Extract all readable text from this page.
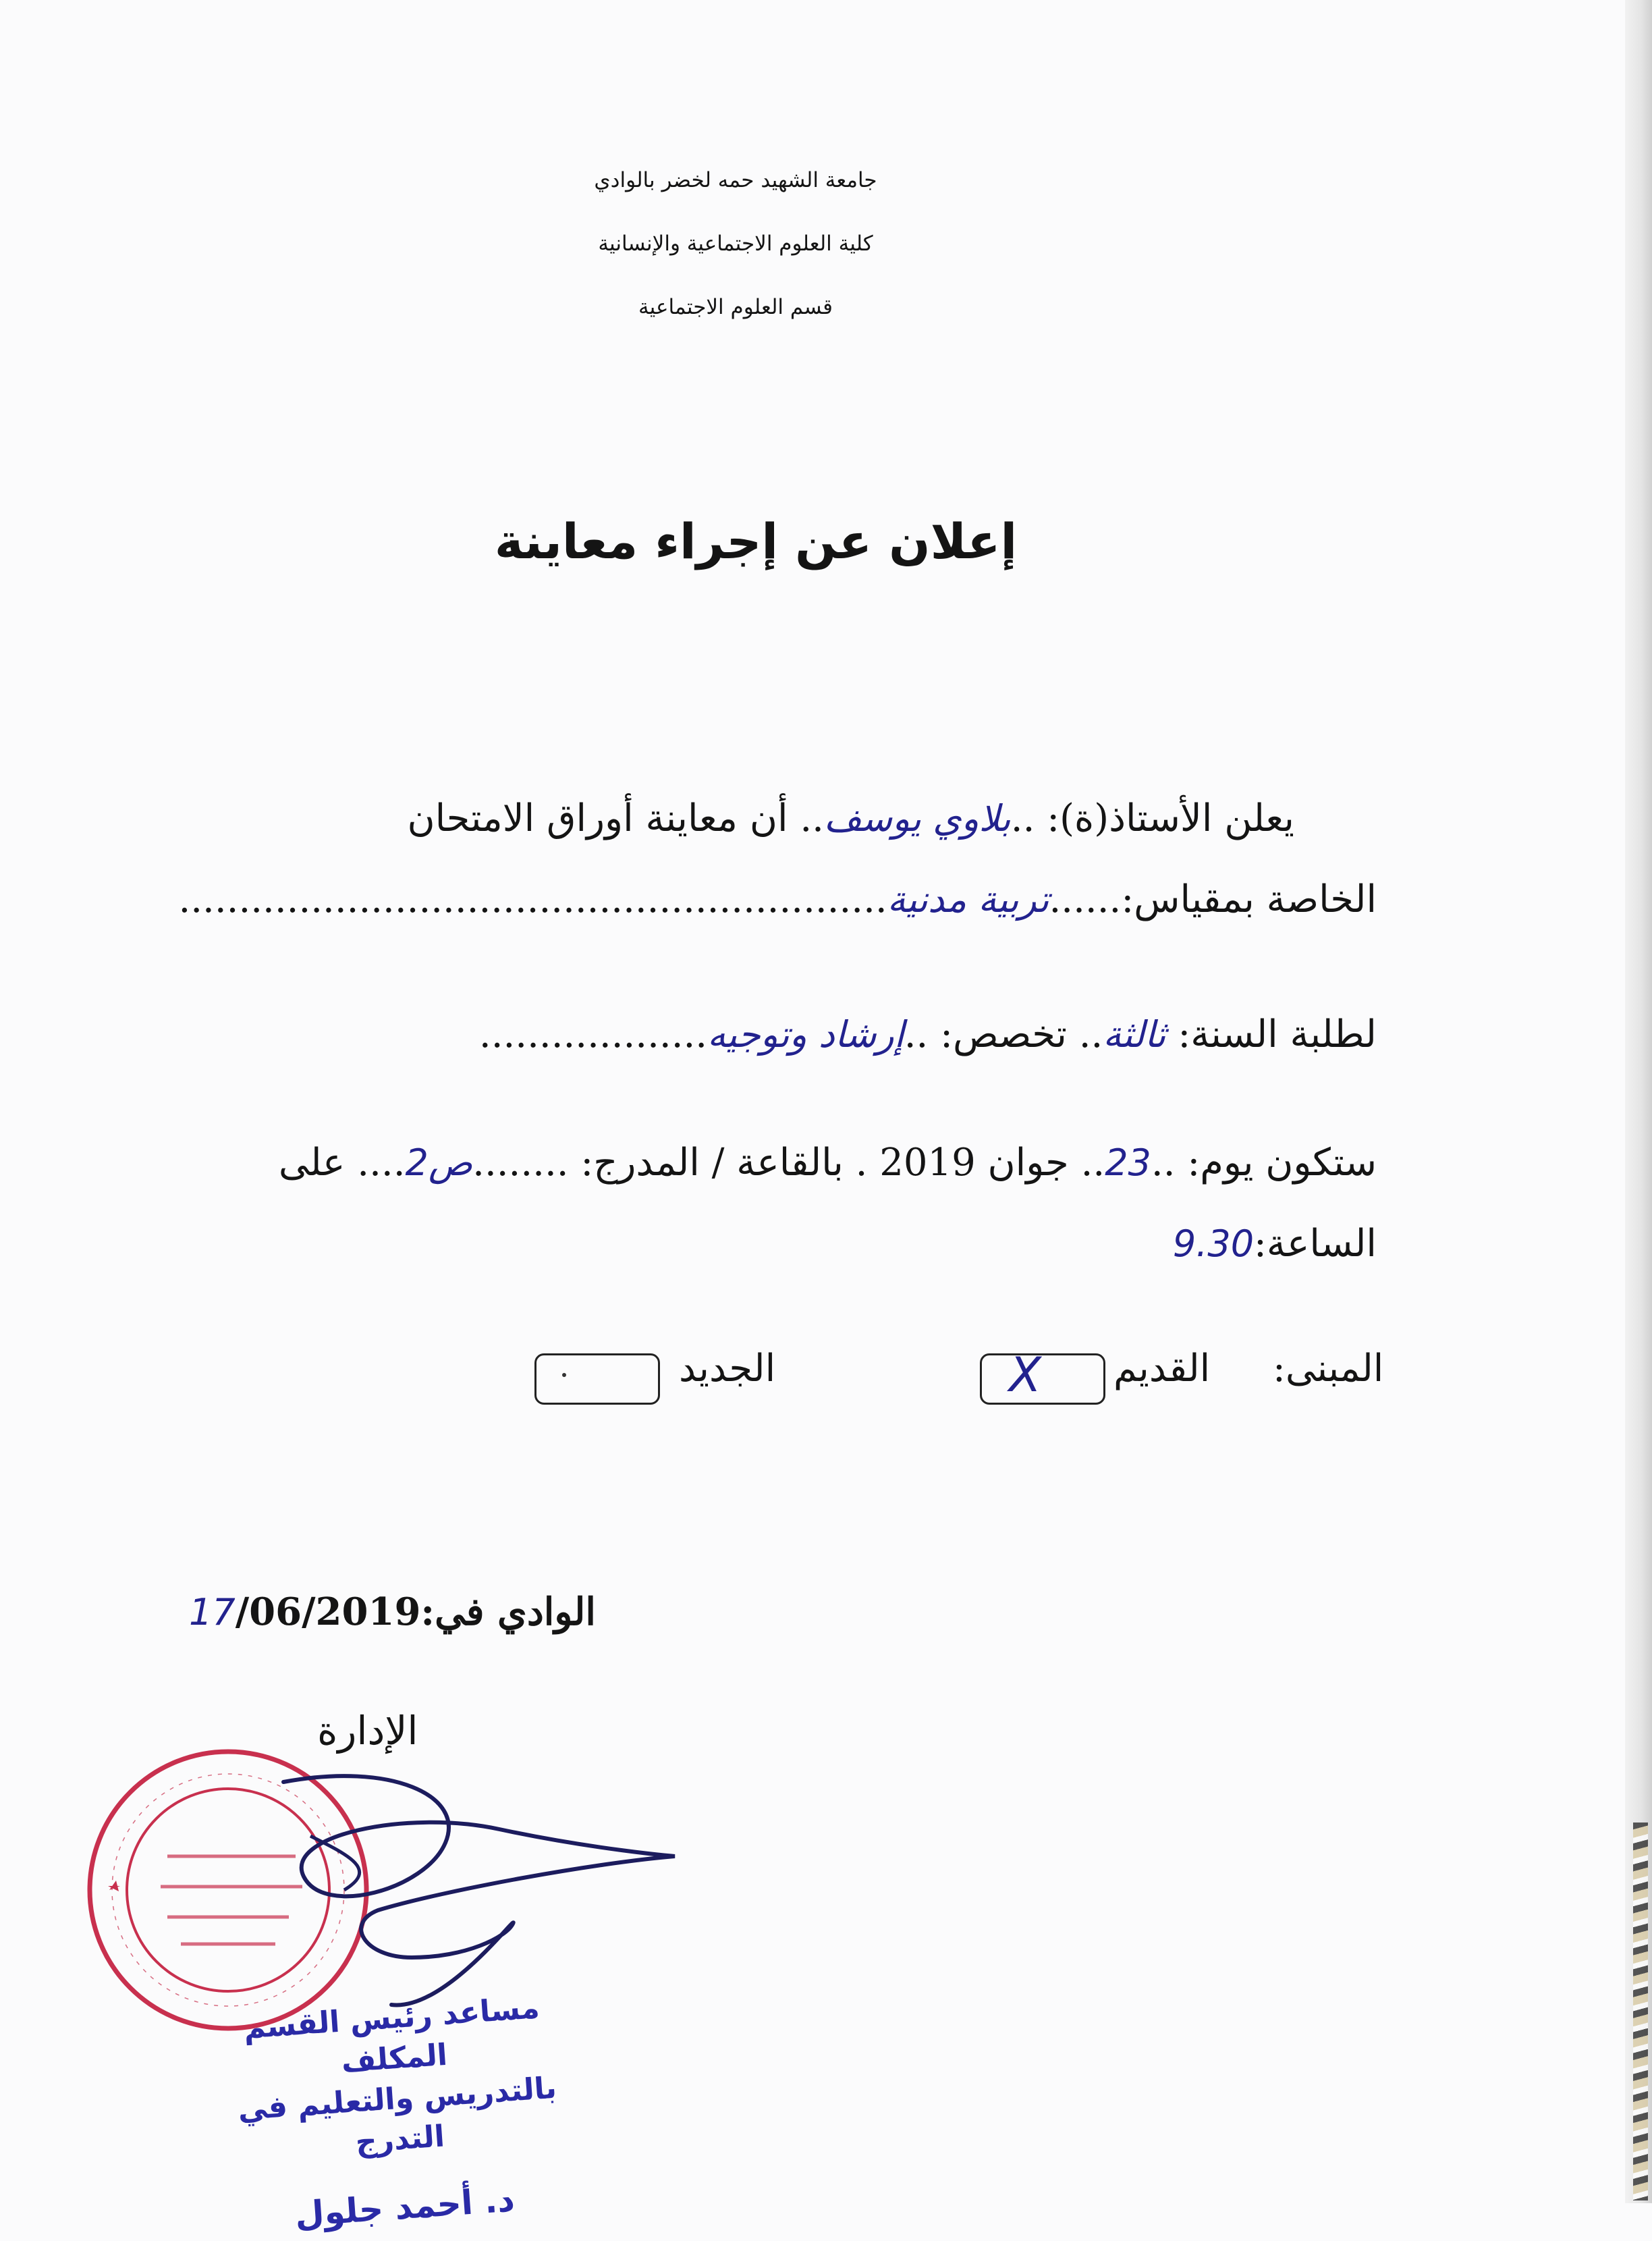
جامعة الشهيد حمه لخضر بالوادي
كلية العلوم الاجتماعية والإنسانية
قسم العلوم الاجتماعية
إعلان عن إجراء معاينة
يعلن الأستاذ(ة): ..بلاوي يوسف.. أن معاينة أوراق الامتحان
الخاصة بمقياس:......تربية مدنية...........................................................
لطلبة السنة: ثالثة.. تخصص: ..إرشاد وتوجيه...................
ستكون يوم: ..23.. جوان 2019 . بالقاعة / المدرج: ........ص2.... على
الساعة:9.30
المبنى:
القديم
X
الجديد
الوادي في:17/06/2019
الإدارة
مساعد رئيس القسم المكلف
بالتدريس والتعليم في التدرج
د. أحمد جلول
